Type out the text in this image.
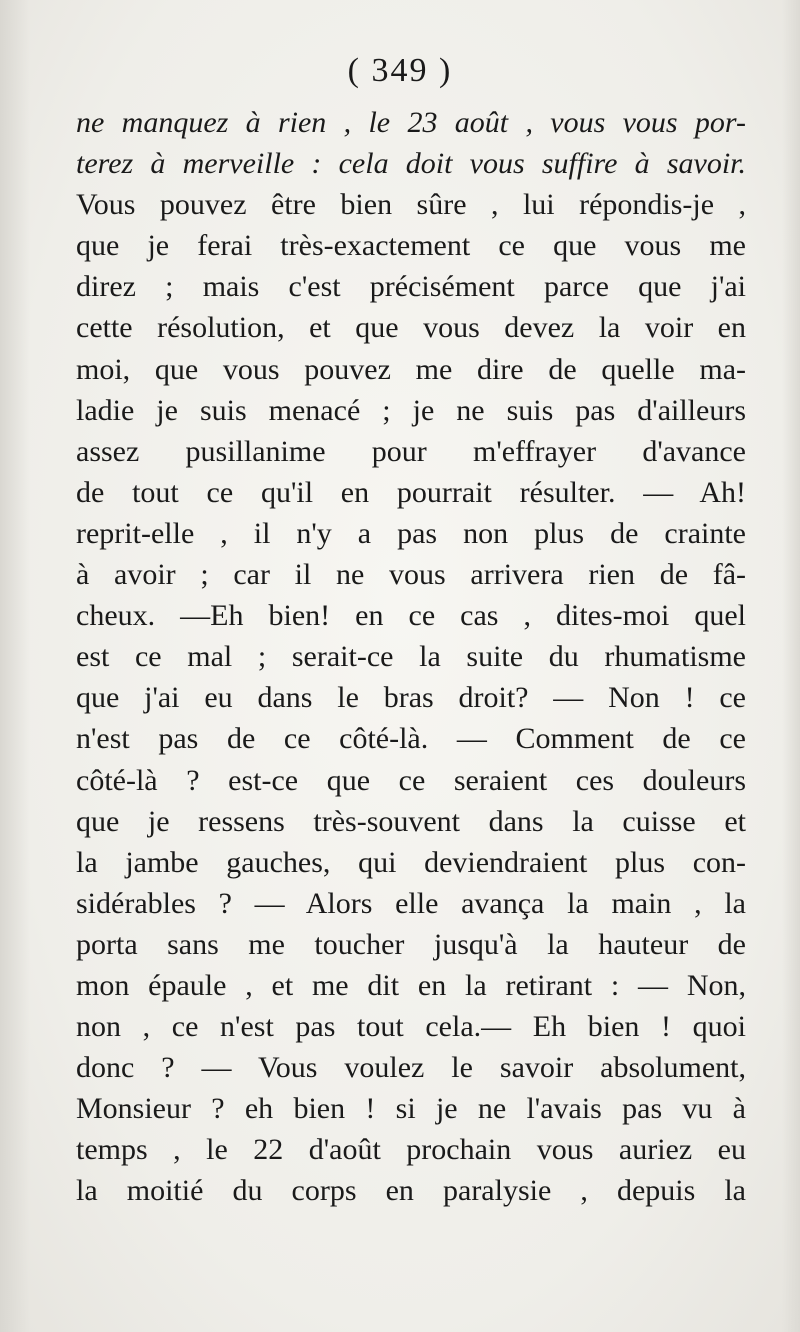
( 349 )
ne manquez à rien , le 23 août , vous vous por-
terez à merveille : cela doit vous suffire à savoir.
Vous pouvez être bien sûre , lui répondis-je ,
que je ferai très-exactement ce que vous me
direz ; mais c'est précisément parce que j'ai
cette résolution, et que vous devez la voir en
moi, que vous pouvez me dire de quelle ma-
ladie je suis menacé ; je ne suis pas d'ailleurs
assez pusillanime pour m'effrayer d'avance
de tout ce qu'il en pourrait résulter. — Ah!
reprit-elle , il n'y a pas non plus de crainte
à avoir ; car il ne vous arrivera rien de fâ-
cheux. —Eh bien! en ce cas , dites-moi quel
est ce mal ; serait-ce la suite du rhumatisme
que j'ai eu dans le bras droit? — Non ! ce
n'est pas de ce côté-là. — Comment de ce
côté-là ? est-ce que ce seraient ces douleurs
que je ressens très-souvent dans la cuisse et
la jambe gauches, qui deviendraient plus con-
sidérables ? — Alors elle avança la main , la
porta sans me toucher jusqu'à la hauteur de
mon épaule , et me dit en la retirant : — Non,
non , ce n'est pas tout cela.— Eh bien ! quoi
donc ? — Vous voulez le savoir absolument,
Monsieur ? eh bien ! si je ne l'avais pas vu à
temps , le 22 d'août prochain vous auriez eu
la moitié du corps en paralysie , depuis la
